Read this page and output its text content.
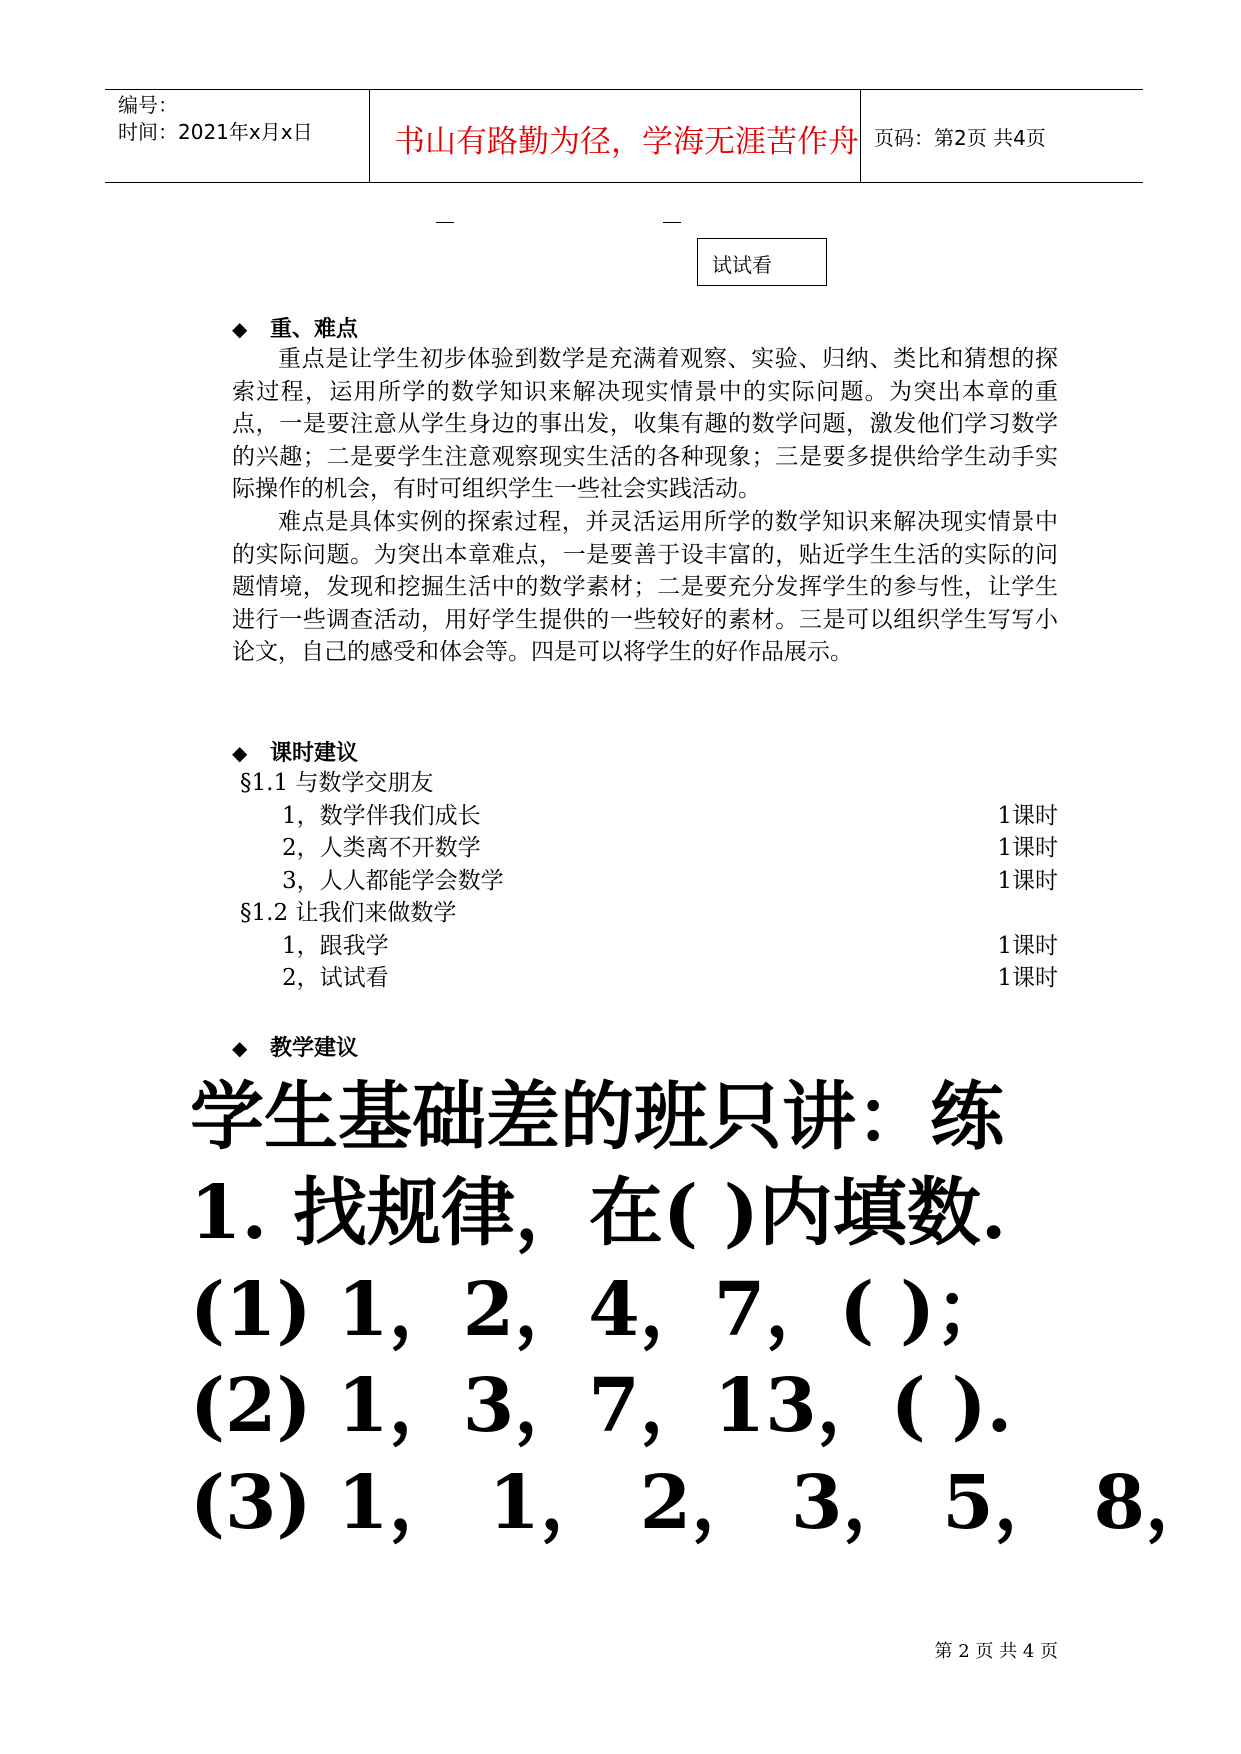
编号：
时间：2021年x月x日	书山有路勤为径，学海无涯苦作舟 页码：第2页 共4页
试试看
◆ 重、难点
重点是让学生初步体验到数学是充满着观察、实验、归纳、类比和猜想的探索过程，运用所学的数学知识来解决现实情景中的实际问题。为突出本章的重点，一是要注意从学生身边的事出发，收集有趣的数学问题，激发他们学习数学的兴趣；二是要学生注意观察现实生活的各种现象；三是要多提供给学生动手实际操作的机会，有时可组织学生一些社会实践活动。
难点是具体实例的探索过程，并灵活运用所学的数学知识来解决现实情景中的实际问题。为突出本章难点，一是要善于设丰富的，贴近学生生活的实际的问题情境，发现和挖掘生活中的数学素材；二是要充分发挥学生的参与性，让学生进行一些调查活动，用好学生提供的一些较好的素材。三是可以组织学生写写小论文，自己的感受和体会等。四是可以将学生的好作品展示。
◆ 课时建议
§1.1 与数学交朋友
1，数学伴我们成长	1课时
2，人类离不开数学	1课时
3，人人都能学会数学	1课时
§1.2 让我们来做数学
1，跟我学	1课时
2，试试看	1课时
◆ 教学建议
学生基础差的班只讲：练
1. 找规律，在( )内填数.
(1) 1，2，4，7，( )；
(2) 1，3，7，13，( ).
(3) 1， 1， 2， 3， 5， 8，
第 2 页 共 4 页
